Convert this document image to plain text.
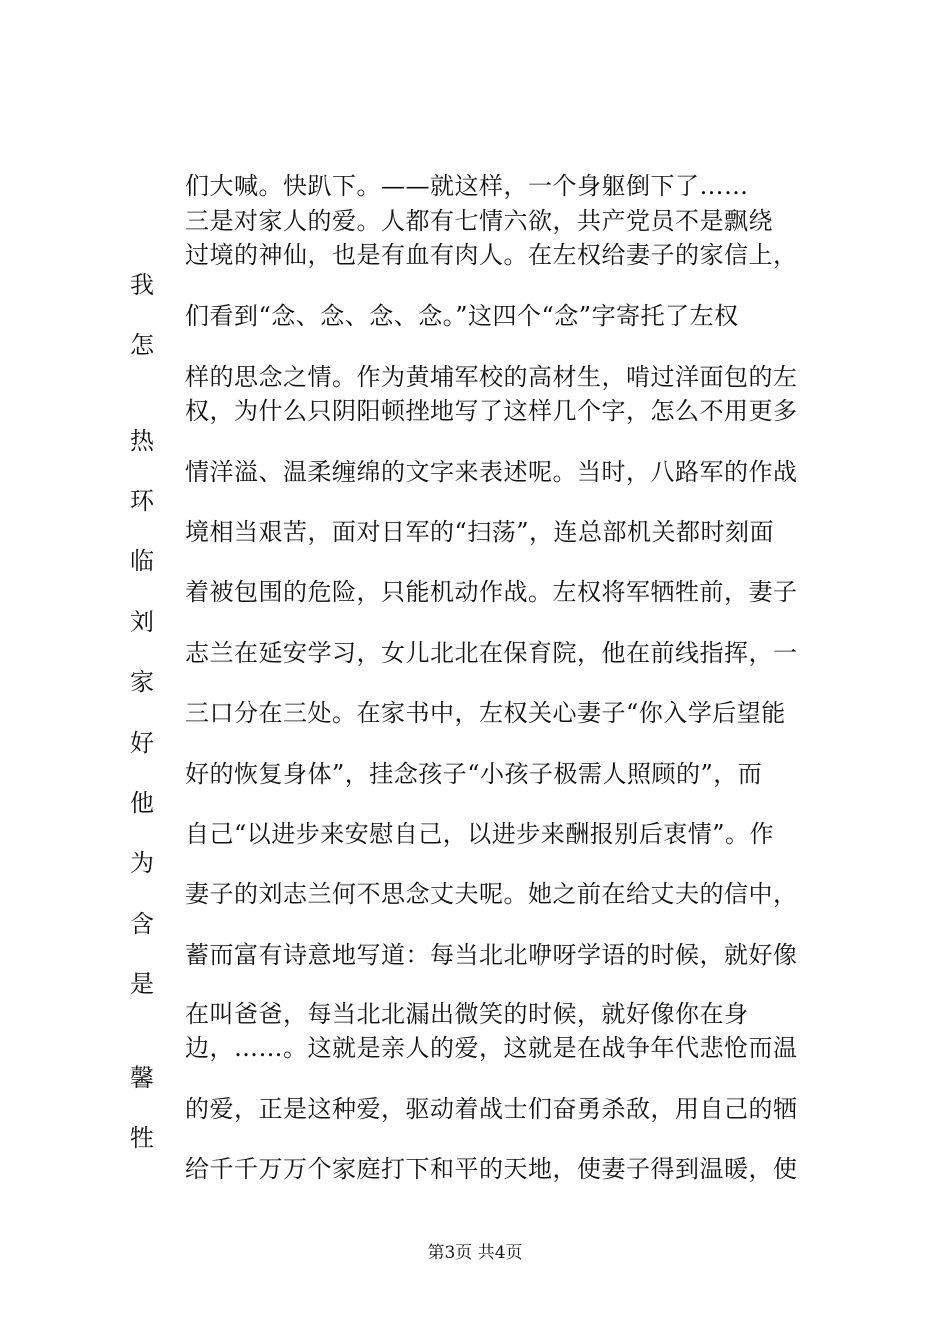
们大喊。快趴下。——就这样，一个身躯倒下了……
三是对家人的爱。人都有七情六欲，共产党员不是飘绕
过境的神仙，也是有血有肉人。在左权给妻子的家信上，
们看到“念、念、念、念。”这四个“念”字寄托了左权
样的思念之情。作为黄埔军校的高材生，啃过洋面包的左
权，为什么只阴阳顿挫地写了这样几个字，怎么不用更多
情洋溢、温柔缠绵的文字来表述呢。当时，八路军的作战
境相当艰苦，面对日军的“扫荡”，连总部机关都时刻面
着被包围的危险，只能机动作战。左权将军牺牲前，妻子
志兰在延安学习，女儿北北在保育院，他在前线指挥，一
三口分在三处。在家书中，左权关心妻子“你入学后望能
好的恢复身体”，挂念孩子“小孩子极需人照顾的”，而
自己“以进步来安慰自己，以进步来酬报别后衷情”。作
妻子的刘志兰何不思念丈夫呢。她之前在给丈夫的信中，
蓄而富有诗意地写道：每当北北咿呀学语的时候，就好像
在叫爸爸，每当北北漏出微笑的时候，就好像你在身
边，……。这就是亲人的爱，这就是在战争年代悲怆而温
的爱，正是这种爱，驱动着战士们奋勇杀敌，用自己的牺
给千千万万个家庭打下和平的天地，使妻子得到温暖，使
我
怎
热
环
临
刘
家
好
他
为
含
是
馨
牲
第3页 共4页
